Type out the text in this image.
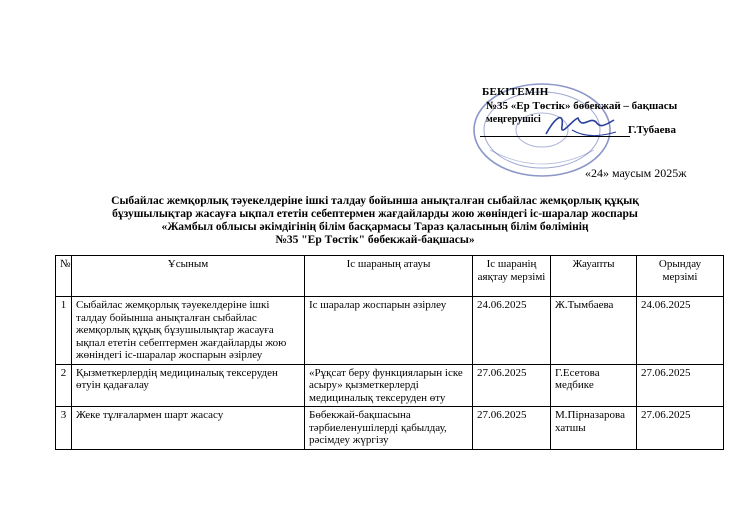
БЕКІТЕМІН
№35 «Ер Төстік» бөбекжай – бақшасы
меңгерушісі
Г.Тубаева
«24» маусым 2025ж
Сыбайлас жемқорлық тәуекелдеріне ішкі талдау бойынша анықталған сыбайлас жемқорлық құқық
бұзушылықтар жасауға ықпал ететін себептермен жағдайларды жою жөніндегі іс-шаралар жоспары
«Жамбыл облысы әкімдігінің білім басқармасы Тараз қаласының білім бөлімінің
№35 "Ер Төстік" бөбекжай-бақшасы»
№	Ұсыным	Іс шараның атауы	Іс шаранің аяқтау мерзімі	Жауапты	Орындау мерзімі
1	Сыбайлас жемқорлық тәуекелдеріне ішкі талдау бойынша анықталған сыбайлас жемқорлық құқық бұзушылықтар жасауға ықпал ететін себептермен жағдайларды жою жөніндегі іс-шаралар жоспарын әзірлеу	Іс шаралар жоспарын әзірлеу	24.06.2025	Ж.Тымбаева	24.06.2025
2	Қызметкерлердің медициналық тексеруден өтуін қадағалау	«Рұқсат беру функцияларын іске асыру» қызметкерлерді медициналық тексеруден өту	27.06.2025	Г.Есетова медбике	27.06.2025
3	Жеке тұлғалармен шарт жасасу	Бөбекжай-бақшасына тәрбиеленушілерді қабылдау, рәсімдеу жүргізу	27.06.2025	М.Пірназарова хатшы	27.06.2025
